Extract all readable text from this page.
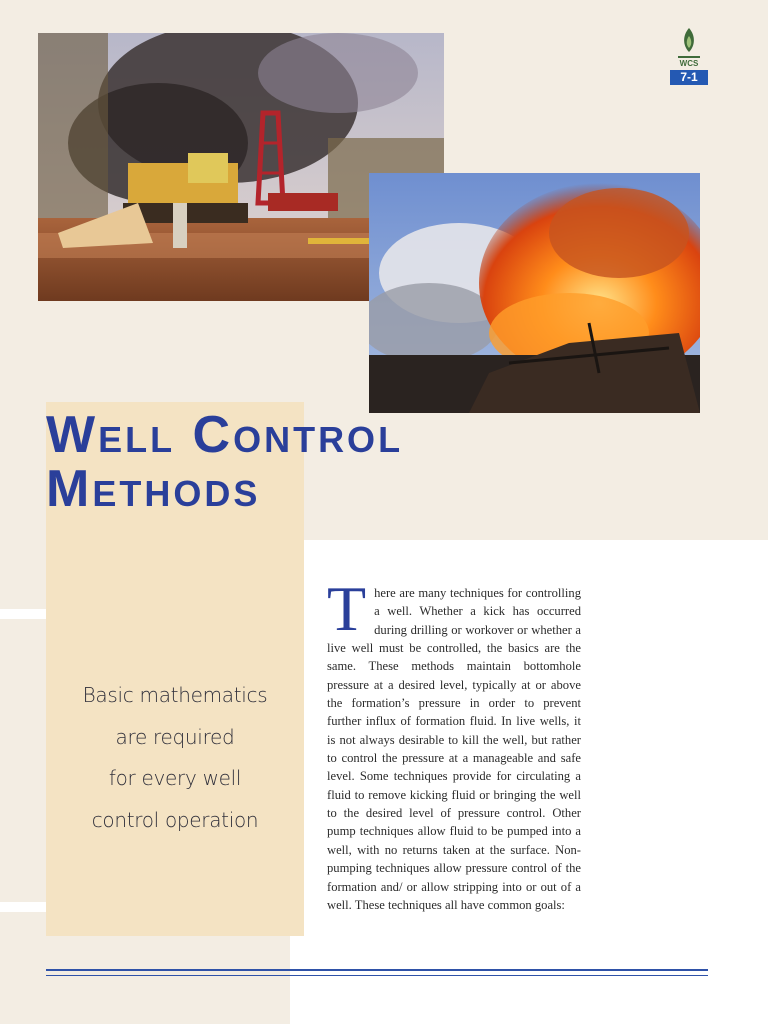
WCS
7-1
Well Control
Methods
Basic mathematics
are required
for every well
control operation

There are many techniques for controlling a well. Whether a kick has occurred during drilling or workover or whether a live well must be controlled, the basics are the same. These methods maintain bottomhole pressure at a desired level, typically at or above the formation’s pressure in order to prevent further influx of formation fluid. In live wells, it is not always desirable to kill the well, but rather to control the pressure at a manageable and safe level. Some techniques provide for circulating a fluid to remove kicking fluid or bringing the well to the desired level of pressure control. Other pump techniques allow fluid to be pumped into a well, with no returns taken at the surface. Non-pumping techniques allow pressure control of the formation and/ or allow stripping into or out of a well. These techniques all have common goals:
